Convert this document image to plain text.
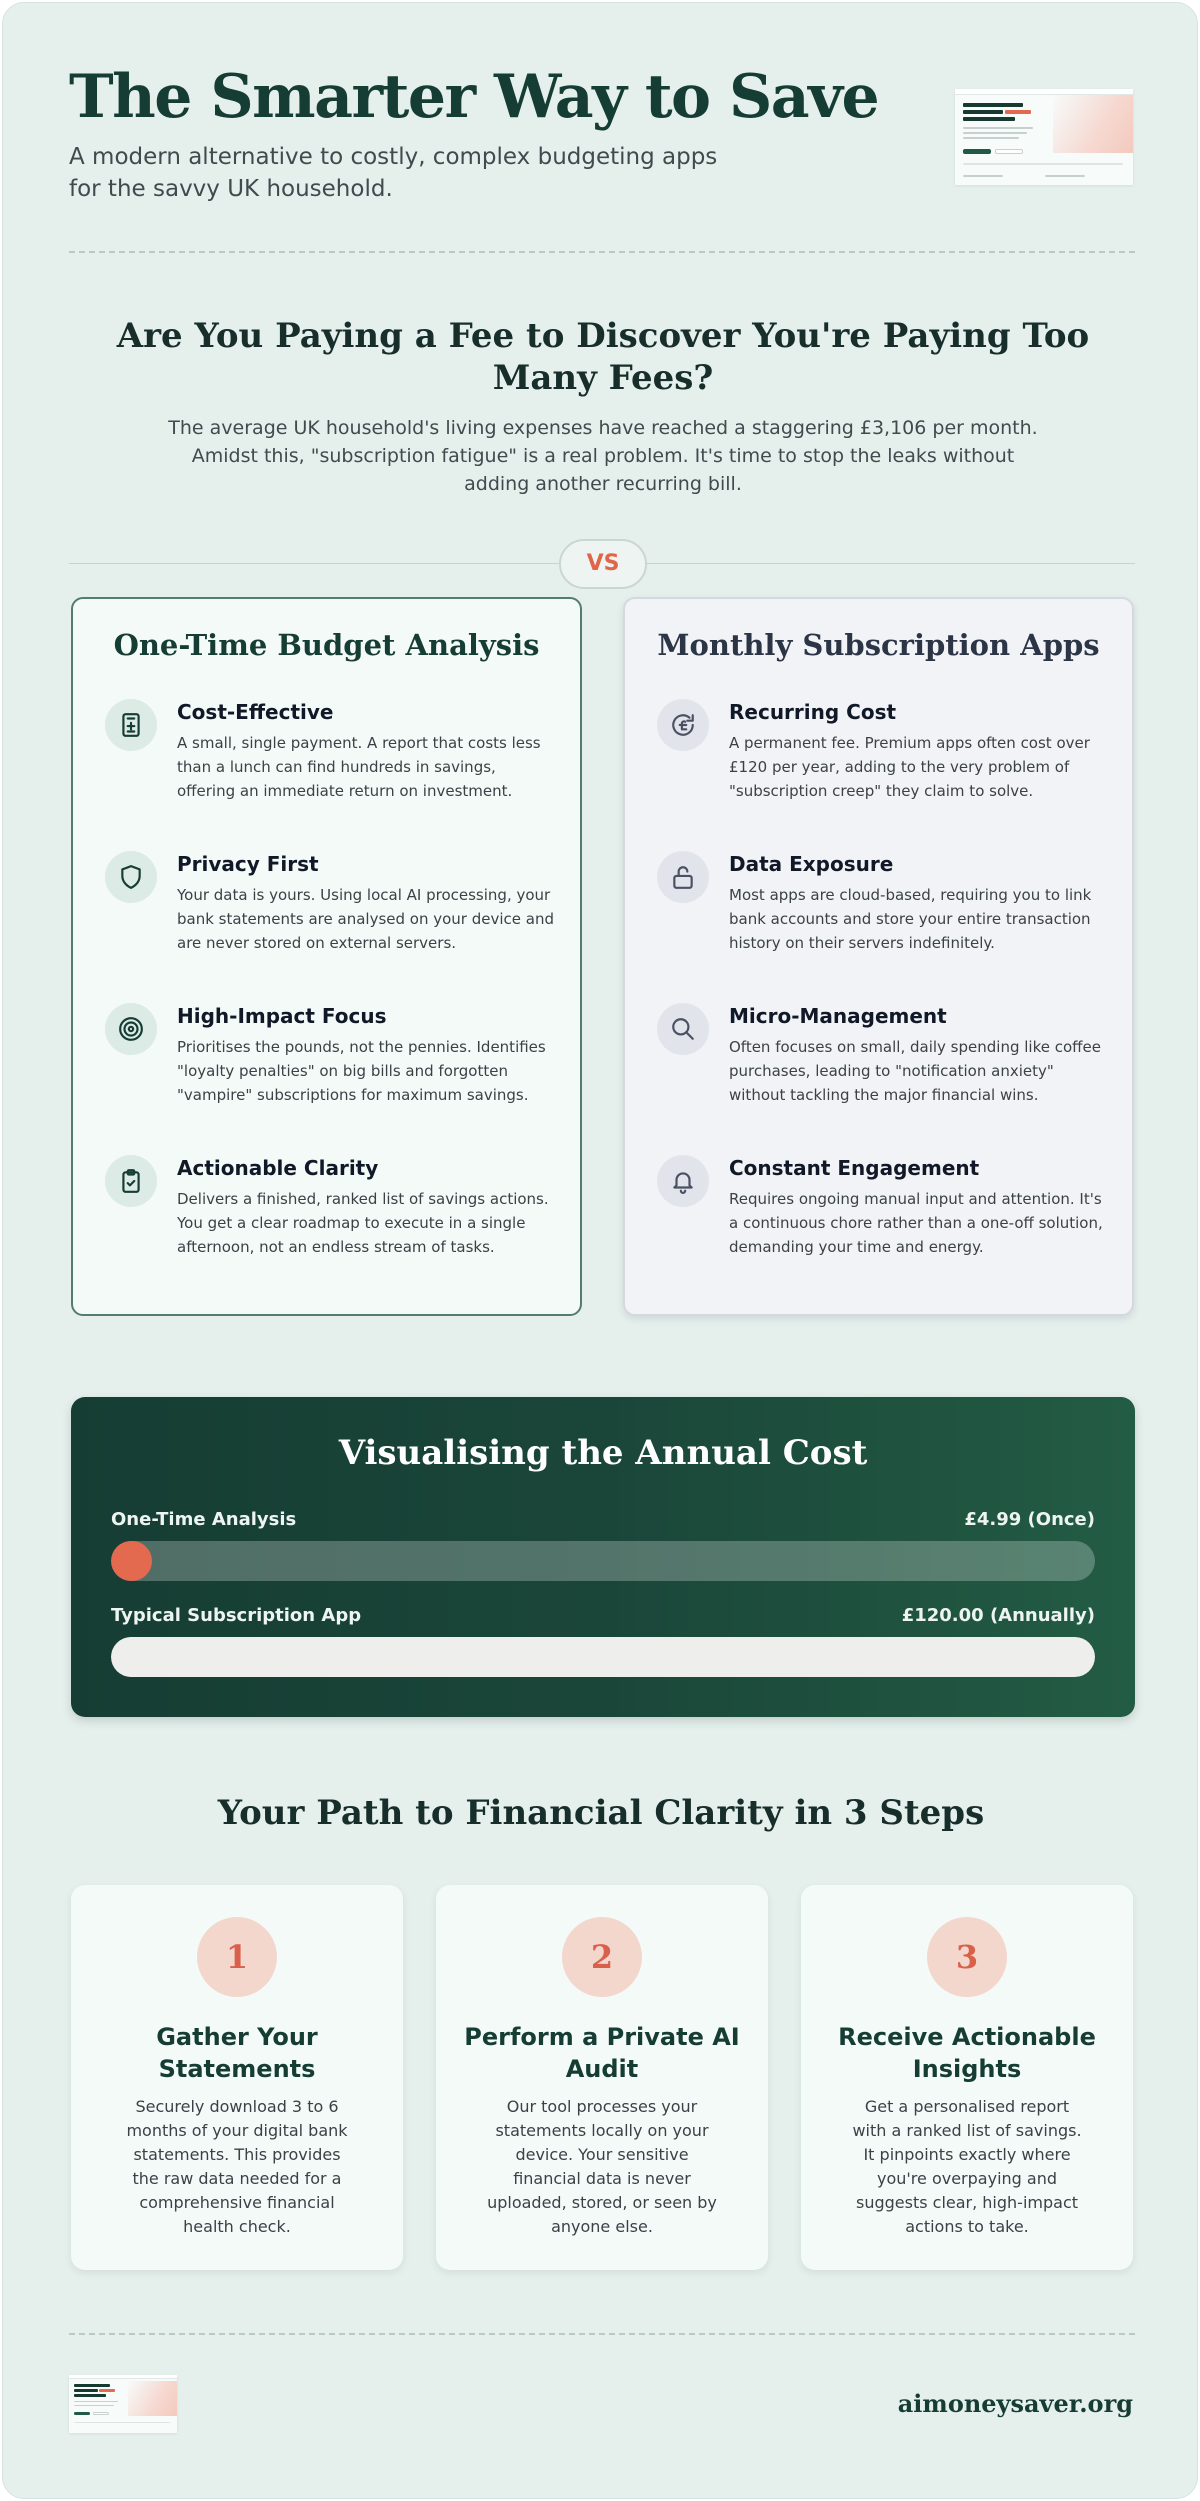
The Smarter Way to Save
A modern alternative to costly, complex budgeting apps for the savvy UK household.
Are You Paying a Fee to Discover You're Paying Too Many Fees?
The average UK household's living expenses have reached a staggering £3,106 per month. Amidst this, "subscription fatigue" is a real problem. It's time to stop the leaks without adding another recurring bill.
VS
One-Time Budget Analysis
Cost-Effective
A small, single payment. A report that costs less than a lunch can find hundreds in savings, offering an immediate return on investment.
Privacy First
Your data is yours. Using local AI processing, your bank statements are analysed on your device and are never stored on external servers.
High-Impact Focus
Prioritises the pounds, not the pennies. Identifies "loyalty penalties" on big bills and forgotten "vampire" subscriptions for maximum savings.
Actionable Clarity
Delivers a finished, ranked list of savings actions. You get a clear roadmap to execute in a single afternoon, not an endless stream of tasks.
Monthly Subscription Apps
Recurring Cost
A permanent fee. Premium apps often cost over £120 per year, adding to the very problem of "subscription creep" they claim to solve.
Data Exposure
Most apps are cloud-based, requiring you to link bank accounts and store your entire transaction history on their servers indefinitely.
Micro-Management
Often focuses on small, daily spending like coffee purchases, leading to "notification anxiety" without tackling the major financial wins.
Constant Engagement
Requires ongoing manual input and attention. It's a continuous chore rather than a one-off solution, demanding your time and energy.
Visualising the Annual Cost
One-Time Analysis	£4.99 (Once)
Typical Subscription App	£120.00 (Annually)
Your Path to Financial Clarity in 3 Steps
1
Gather Your Statements
Securely download 3 to 6 months of your digital bank statements. This provides the raw data needed for a comprehensive financial health check.
2
Perform a Private AI Audit
Our tool processes your statements locally on your device. Your sensitive financial data is never uploaded, stored, or seen by anyone else.
3
Receive Actionable Insights
Get a personalised report with a ranked list of savings. It pinpoints exactly where you're overpaying and suggests clear, high-impact actions to take.
aimoneysaver.org
